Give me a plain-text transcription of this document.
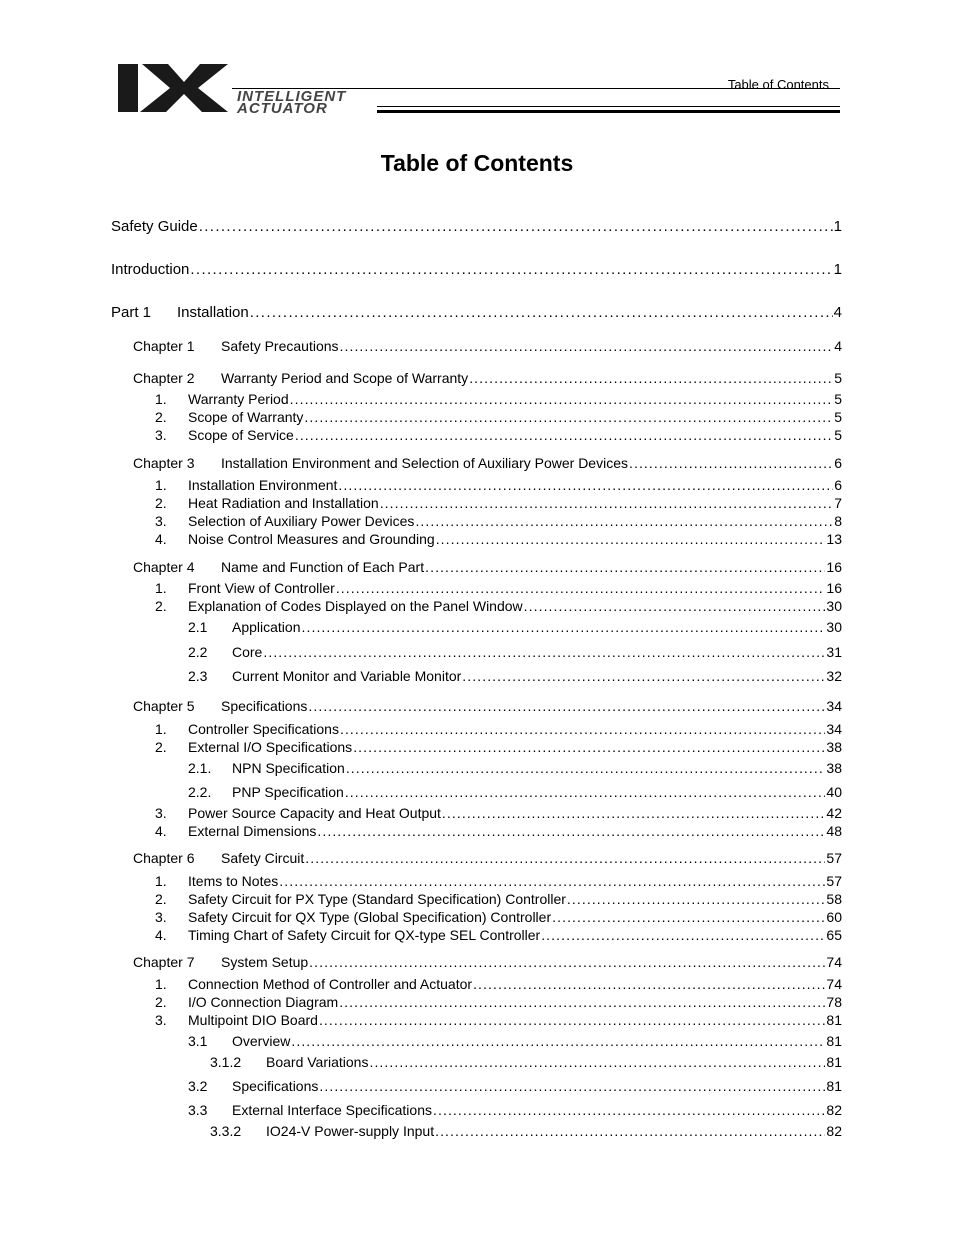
INTELLIGENT
ACTUATOR
Table of Contents
Table of Contents
Safety Guide . . .	1
Introduction . . .	1
Part 1	Installation . . .	4
Chapter 1	Safety Precautions . . .	4
Chapter 2	Warranty Period and Scope of Warranty . . .	5
1.	Warranty Period . . .	5
2.	Scope of Warranty . . .	5
3.	Scope of Service . . .	5
Chapter 3	Installation Environment and Selection of Auxiliary Power Devices . . .	6
1.	Installation Environment . . .	6
2.	Heat Radiation and Installation . . .	7
3.	Selection of Auxiliary Power Devices . . .	8
4.	Noise Control Measures and Grounding . . .	13
Chapter 4	Name and Function of Each Part . . .	16
1.	Front View of Controller . . .	16
2.	Explanation of Codes Displayed on the Panel Window . . .	30
2.1	Application . . .	30
2.2	Core . . .	31
2.3	Current Monitor and Variable Monitor . . .	32
Chapter 5	Specifications . . .	34
1.	Controller Specifications . . .	34
2.	External I/O Specifications . . .	38
2.1.	NPN Specification . . .	38
2.2.	PNP Specification . . .	40
3.	Power Source Capacity and Heat Output . . .	42
4.	External Dimensions . . .	48
Chapter 6	Safety Circuit . . .	57
1.	Items to Notes . . .	57
2.	Safety Circuit for PX Type (Standard Specification) Controller . . .	58
3.	Safety Circuit for QX Type (Global Specification) Controller . . .	60
4.	Timing Chart of Safety Circuit for QX-type SEL Controller . . .	65
Chapter 7	System Setup . . .	74
1.	Connection Method of Controller and Actuator . . .	74
2.	I/O Connection Diagram . . .	78
3.	Multipoint DIO Board . . .	81
3.1	Overview . . .	81
3.1.2	Board Variations . . .	81
3.2	Specifications . . .	81
3.3	External Interface Specifications . . .	82
3.3.2	IO24-V Power-supply Input . . .	82
